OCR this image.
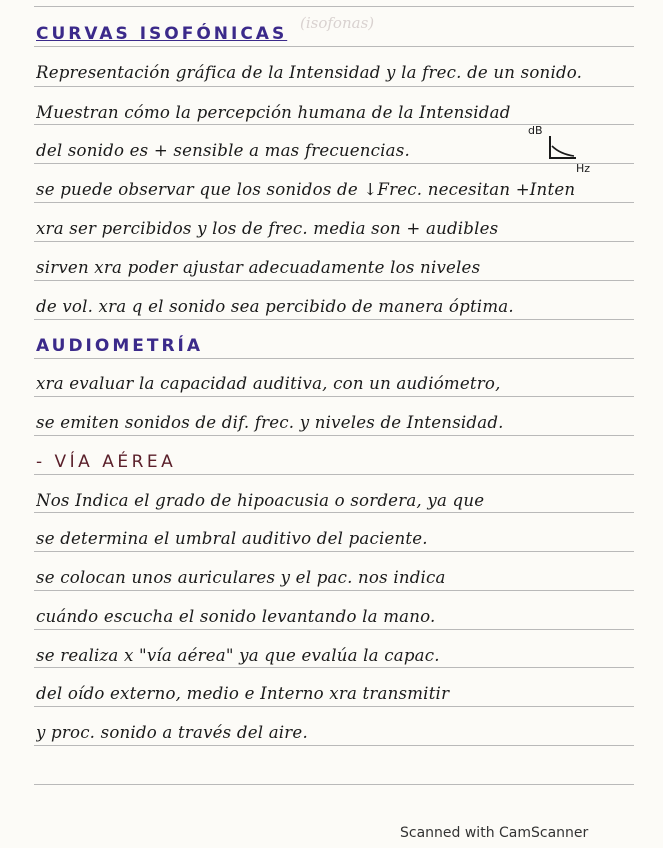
CURVAS ISOFÓNICAS
(isofonas)
Representación gráfica de la Intensidad y la frec. de un sonido.
Muestran cómo la percepción humana de la Intensidad
del sonido es + sensible a mas frecuencias.
dB
Hz
se puede observar que los sonidos de ↓Frec. necesitan +Inten
xra ser percibidos y los de frec. media son + audibles
sirven xra poder ajustar adecuadamente los niveles
de vol. xra q el sonido sea percibido de manera óptima.
AUDIOMETRÍA
xra evaluar la capacidad auditiva, con un audiómetro,
se emiten sonidos de dif. frec. y niveles de Intensidad.
- VÍA AÉREA
Nos Indica el grado de hipoacusia o sordera, ya que
se determina el umbral auditivo del paciente.
se colocan unos auriculares y el pac. nos indica
cuándo escucha el sonido levantando la mano.
se realiza x "vía aérea" ya que evalúa la capac.
del oído externo, medio e Interno xra transmitir
y proc. sonido a través del aire.
Scanned with CamScanner
